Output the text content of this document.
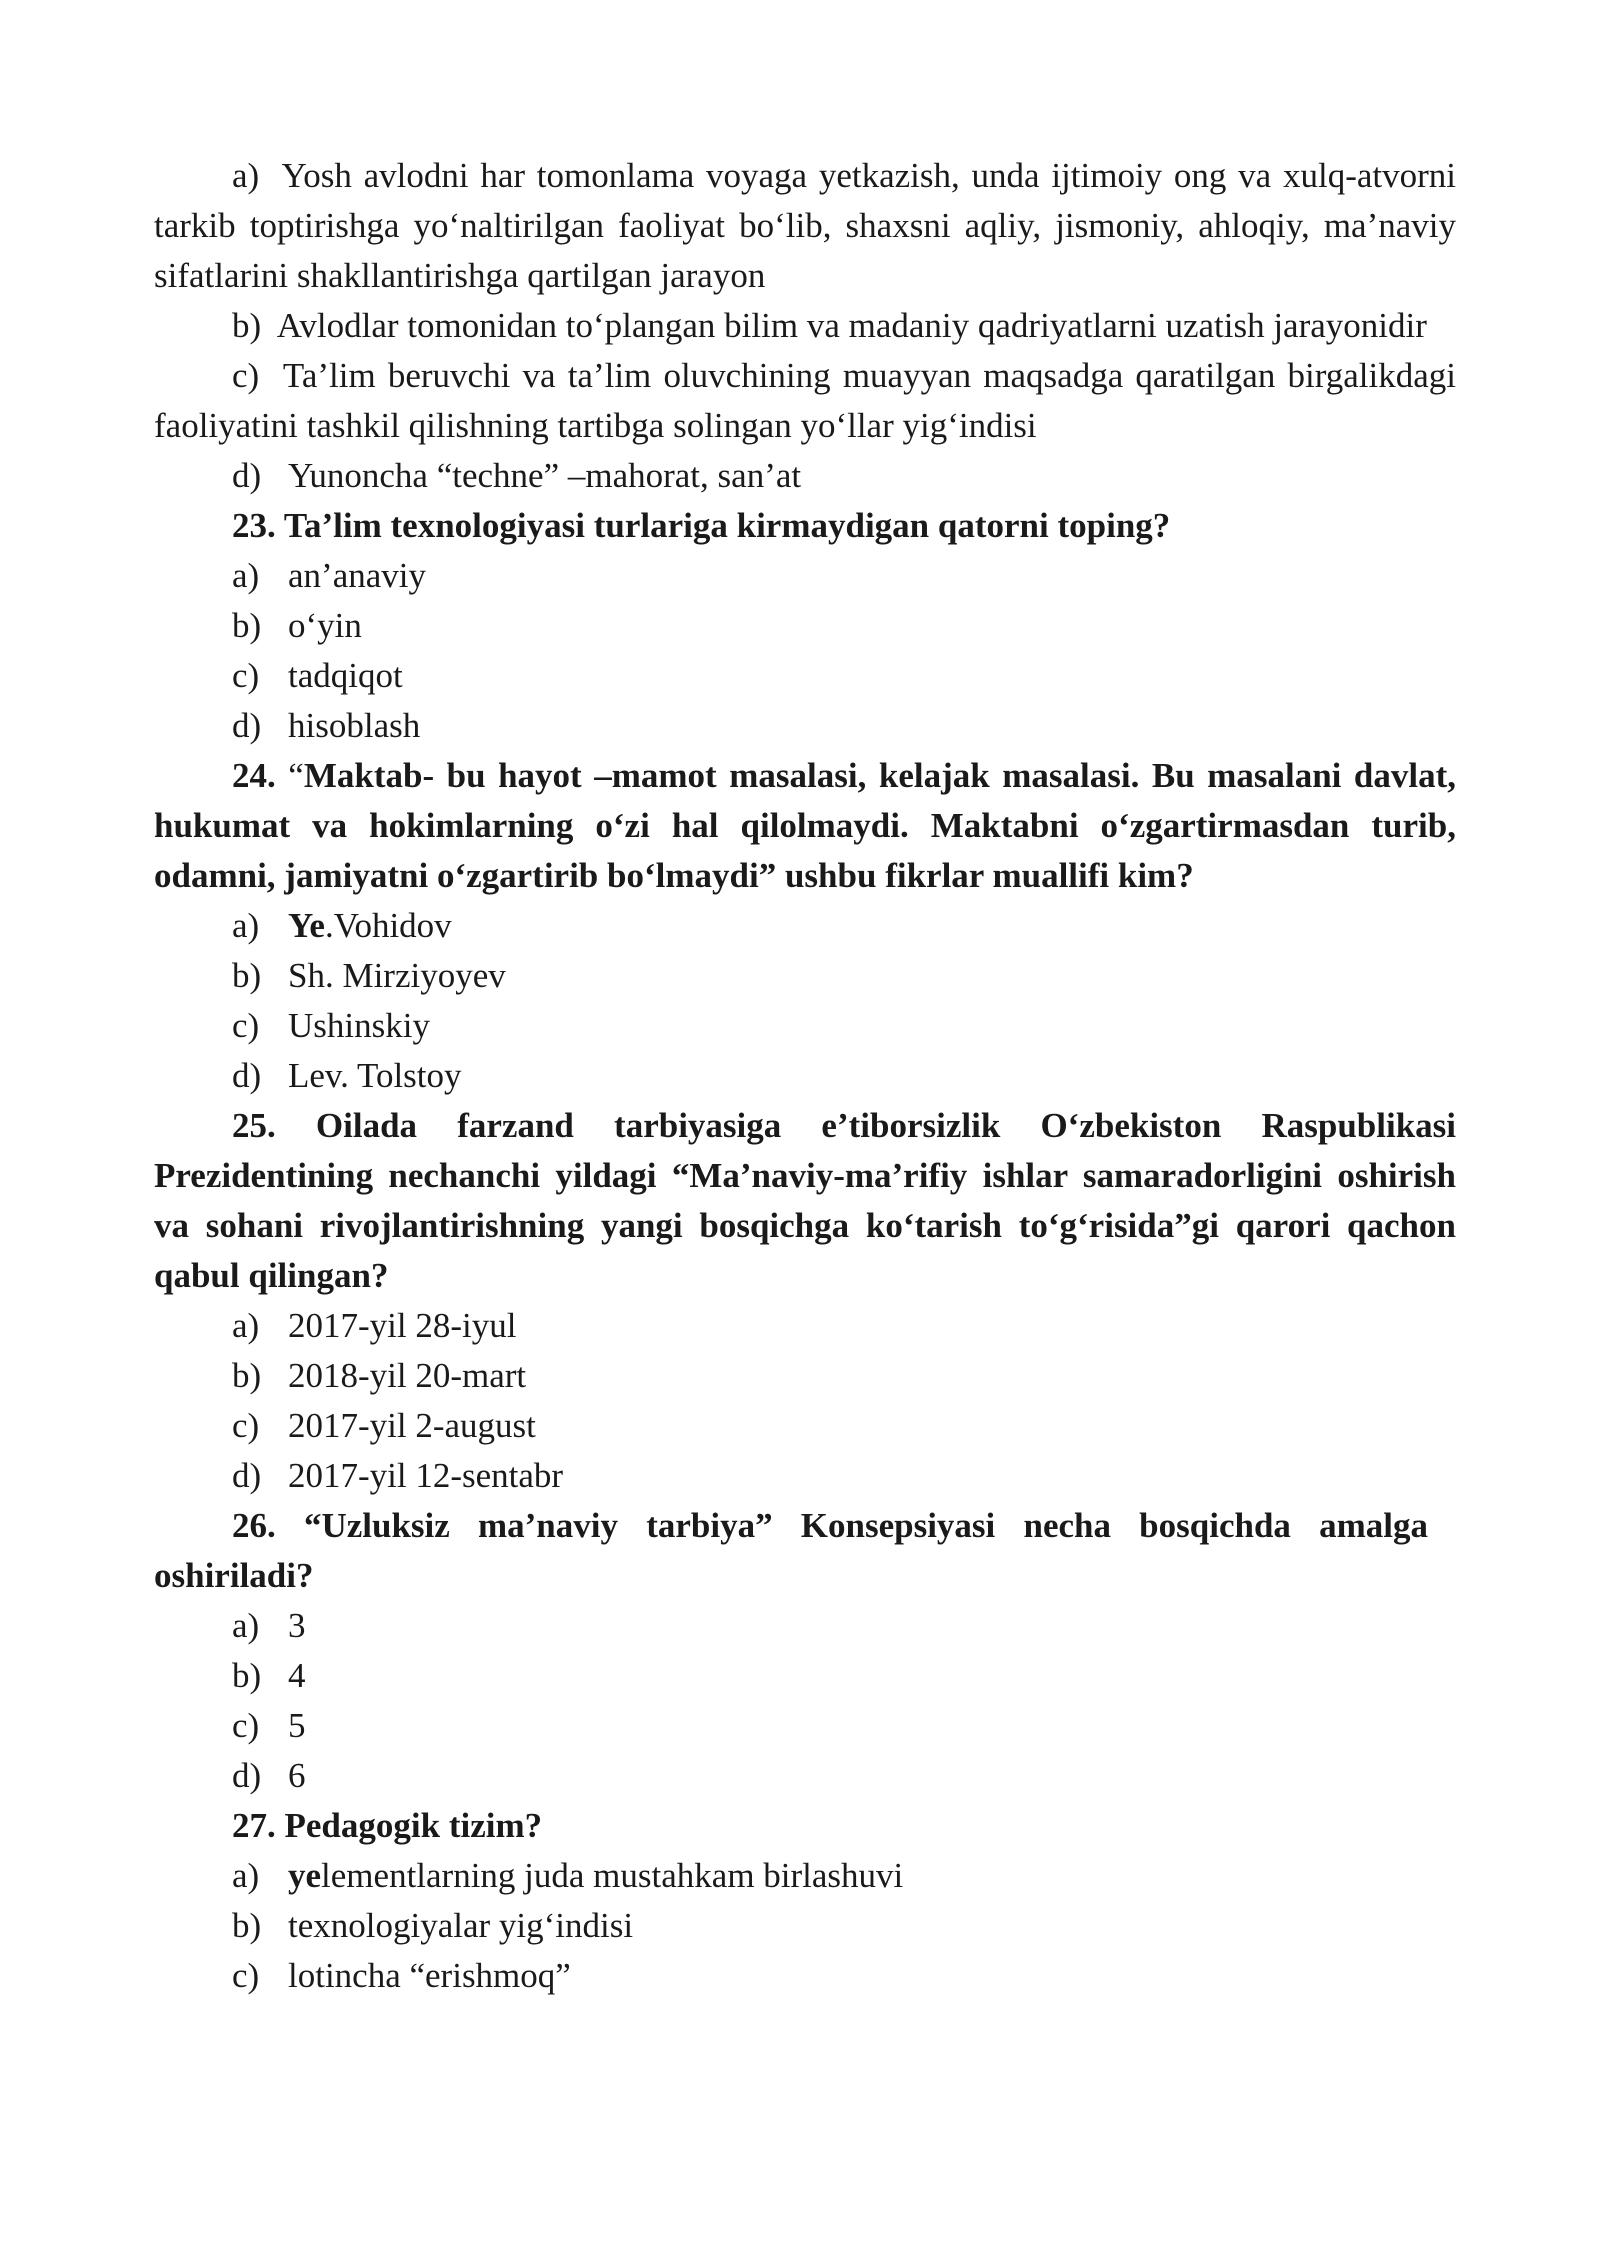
a) Yosh avlodni har tomonlama voyaga yetkazish, unda ijtimoiy ong va xulq-atvorni tarkib toptirishga yo‘naltirilgan faoliyat bo‘lib, shaxsni aqliy, jismoniy, ahloqiy, ma’naviy sifatlarini shakllantirishga qartilgan jarayon

b) Avlodlar tomonidan to‘plangan bilim va madaniy qadriyatlarni uzatish jarayonidir

c) Ta’lim beruvchi va ta’lim oluvchining muayyan maqsadga qaratilgan birgalikdagi faoliyatini tashkil qilishning tartibga solingan yo‘llar yig‘indisi

d) Yunoncha “techne” –mahorat, san’at

23. Ta’lim texnologiyasi turlariga kirmaydigan qatorni toping?

a) an’anaviy
b) o‘yin
c) tadqiqot
d) hisoblash

24. “Maktab- bu hayot –mamot masalasi, kelajak masalasi. Bu masalani davlat, hukumat va hokimlarning o‘zi hal qilolmaydi. Maktabni o‘zgartirmasdan turib, odamni, jamiyatni o‘zgartirib bo‘lmaydi” ushbu fikrlar muallifi kim?

a) Ye.Vohidov
b) Sh. Mirziyoyev
c) Ushinskiy
d) Lev. Tolstoy

25. Oilada farzand tarbiyasiga e’tiborsizlik O‘zbekiston Raspublikasi Prezidentining nechanchi yildagi “Ma’naviy-ma’rifiy ishlar samaradorligini oshirish va sohani rivojlantirishning yangi bosqichga ko‘tarish to‘g‘risida”gi qarori qachon qabul qilingan?

a) 2017-yil 28-iyul
b) 2018-yil 20-mart
c) 2017-yil 2-august
d) 2017-yil 12-sentabr

26. “Uzluksiz ma’naviy tarbiya” Konsepsiyasi necha bosqichda amalga oshiriladi?

a) 3
b) 4
c) 5
d) 6

27. Pedagogik tizim?

a) yelementlarning juda mustahkam birlashuvi
b) texnologiyalar yig‘indisi
c) lotincha “erishmoq”
